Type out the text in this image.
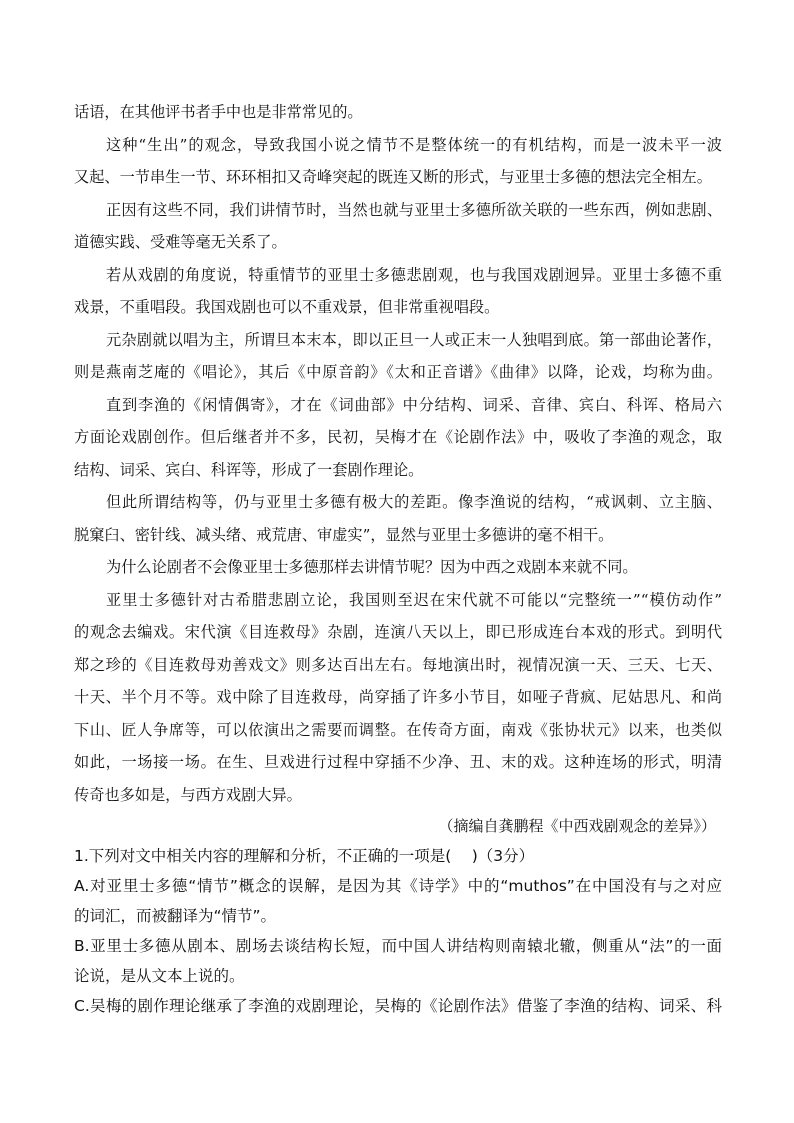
话语，在其他评书者手中也是非常常见的。
这种“生出”的观念，导致我国小说之情节不是整体统一的有机结构，而是一波未平一波
又起、一节串生一节、环环相扣又奇峰突起的既连又断的形式，与亚里士多德的想法完全相左。
正因有这些不同，我们讲情节时，当然也就与亚里士多德所欲关联的一些东西，例如悲剧、
道德实践、受难等毫无关系了。
若从戏剧的角度说，特重情节的亚里士多德悲剧观，也与我国戏剧迥异。亚里士多德不重
戏景，不重唱段。我国戏剧也可以不重戏景，但非常重视唱段。
元杂剧就以唱为主，所谓旦本末本，即以正旦一人或正末一人独唱到底。第一部曲论著作，
则是燕南芝庵的《唱论》，其后《中原音韵》《太和正音谱》《曲律》以降，论戏，均称为曲。
直到李渔的《闲情偶寄》，才在《词曲部》中分结构、词采、音律、宾白、科诨、格局六
方面论戏剧创作。但后继者并不多，民初，吴梅才在《论剧作法》中，吸收了李渔的观念，取
结构、词采、宾白、科诨等，形成了一套剧作理论。
但此所谓结构等，仍与亚里士多德有极大的差距。像李渔说的结构，“戒讽刺、立主脑、
脱窠臼、密针线、减头绪、戒荒唐、审虚实”，显然与亚里士多德讲的毫不相干。
为什么论剧者不会像亚里士多德那样去讲情节呢？因为中西之戏剧本来就不同。
亚里士多德针对古希腊悲剧立论，我国则至迟在宋代就不可能以“完整统一”“模仿动作”
的观念去编戏。宋代演《目连救母》杂剧，连演八天以上，即已形成连台本戏的形式。到明代
郑之珍的《目连救母劝善戏文》则多达百出左右。每地演出时，视情况演一天、三天、七天、
十天、半个月不等。戏中除了目连救母，尚穿插了许多小节目，如哑子背疯、尼姑思凡、和尚
下山、匠人争席等，可以依演出之需要而调整。在传奇方面，南戏《张协状元》以来，也类似
如此，一场接一场。在生、旦戏进行过程中穿插不少净、丑、末的戏。这种连场的形式，明清
传奇也多如是，与西方戏剧大异。
（摘编自龚鹏程《中西戏剧观念的差异》）
1.下列对文中相关内容的理解和分析，不正确的一项是(　 )（3分）
A.对亚里士多德“情节”概念的误解，是因为其《诗学》中的“muthos”在中国没有与之对应
的词汇，而被翻译为“情节”。
B.亚里士多德从剧本、剧场去谈结构长短，而中国人讲结构则南辕北辙，侧重从“法”的一面
论说，是从文本上说的。
C.吴梅的剧作理论继承了李渔的戏剧理论，吴梅的《论剧作法》借鉴了李渔的结构、词采、科
